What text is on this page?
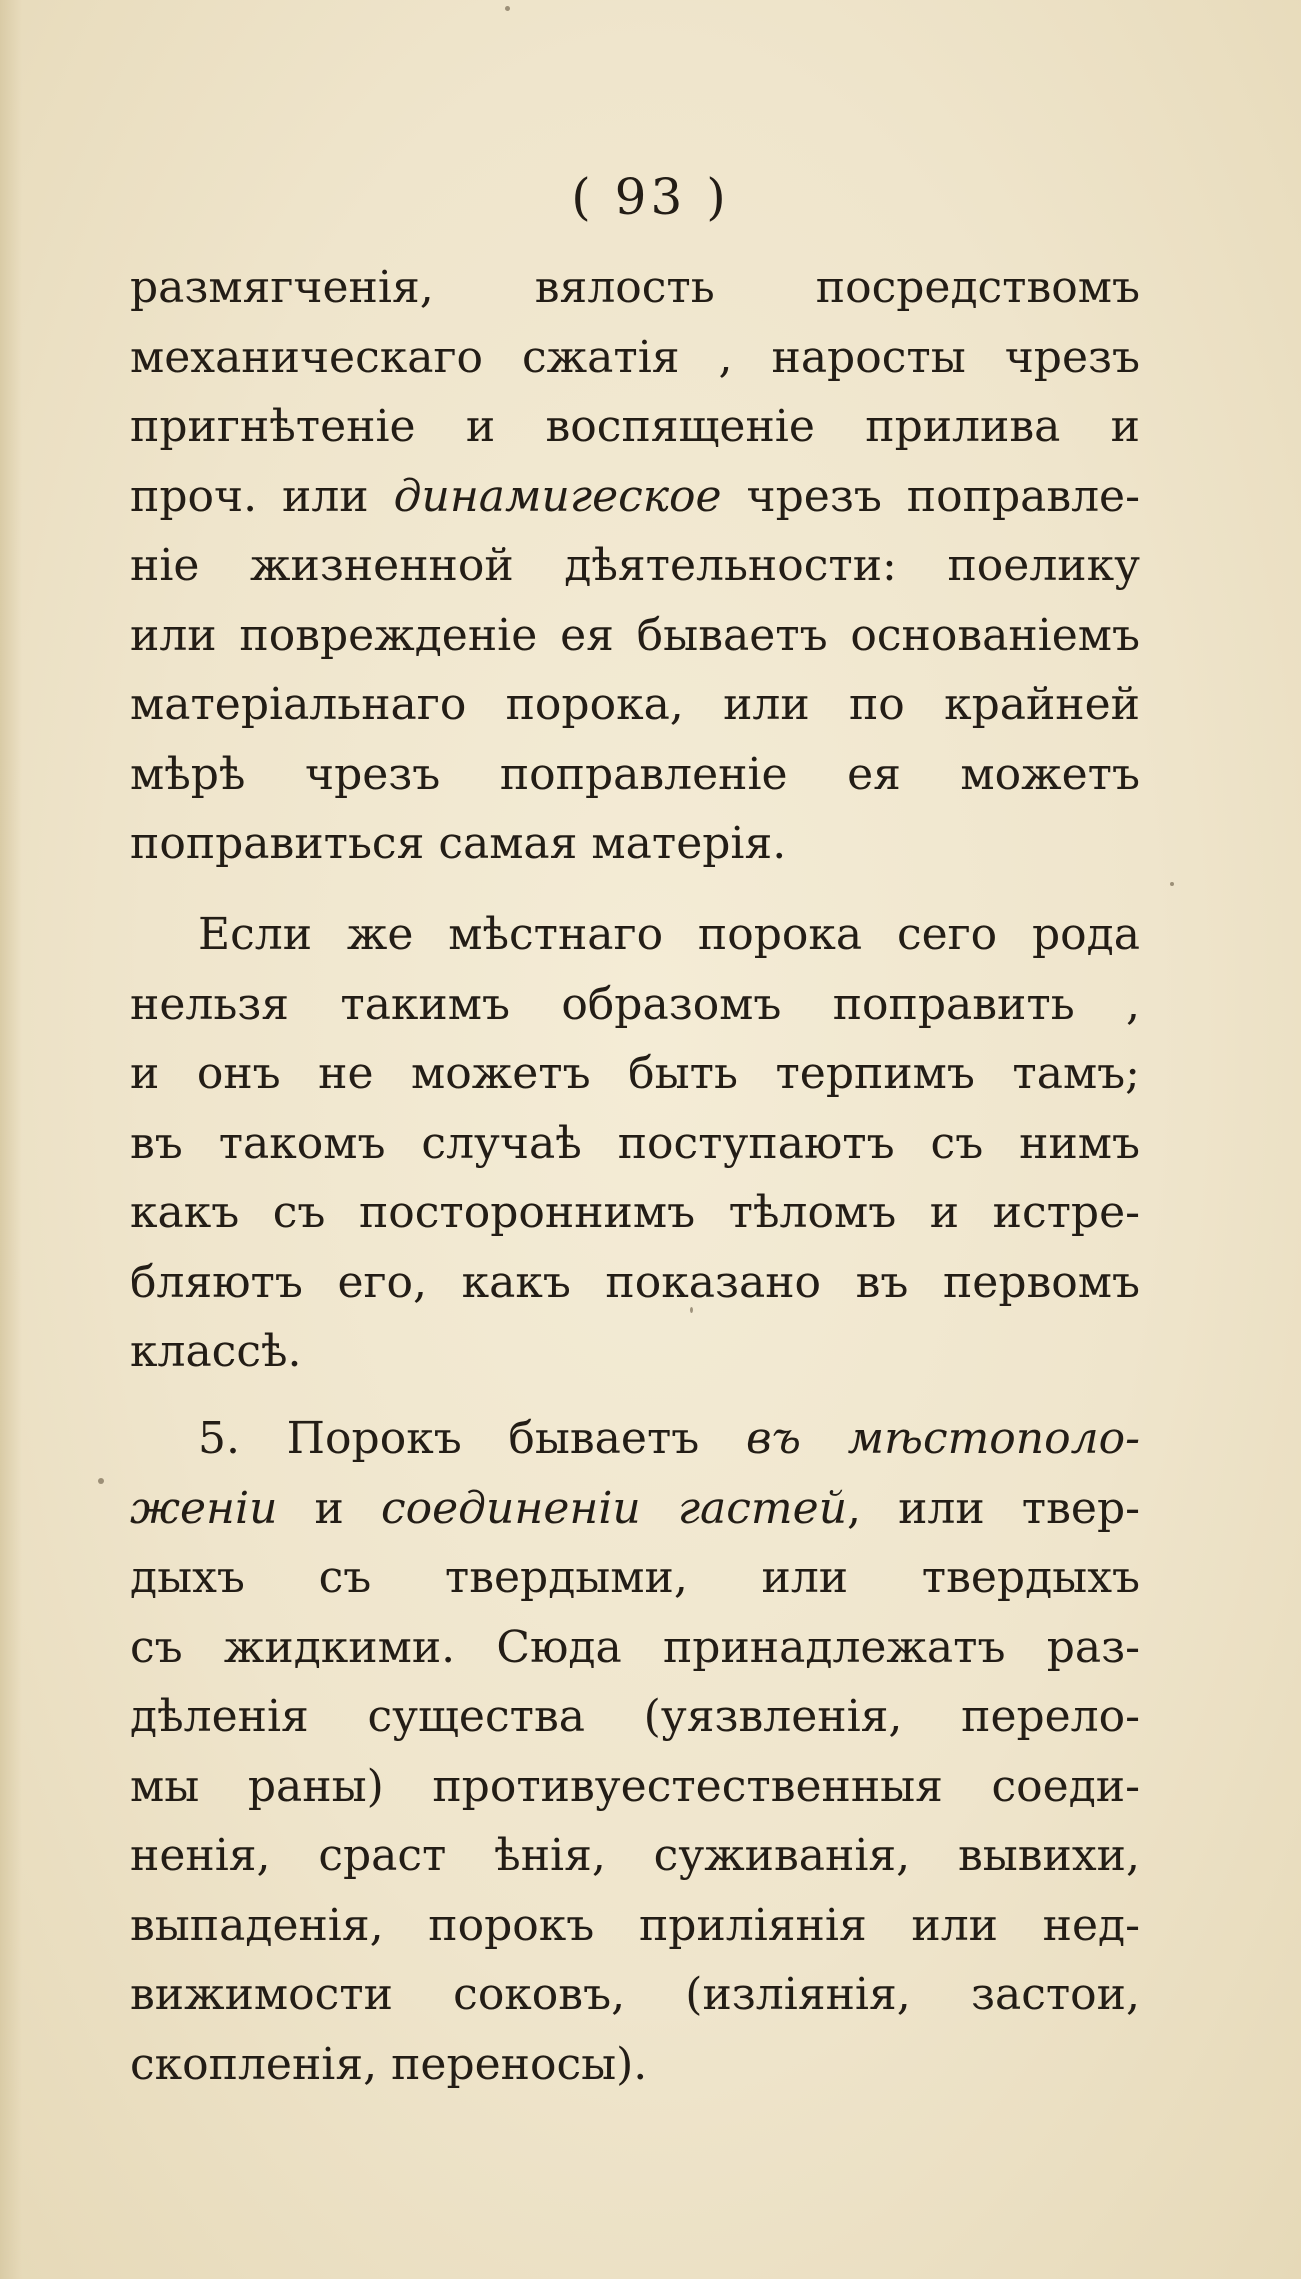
( 93 )
размягченія, вялость посредствомъ
механическаго сжатія , наросты чрезъ
пригнѣтеніе и воспященіе прилива и
проч. или динамигеское чрезъ поправле-
ніе жизненной дѣятельности: поелику
или поврежденіе ея бываетъ основаніемъ
матеріальнаго порока, или по крайней
мѣрѣ чрезъ поправленіе ея можетъ
поправиться самая матерія.
Если же мѣстнаго порока сего рода
нельзя такимъ образомъ поправить ,
и онъ не можетъ быть терпимъ тамъ;
въ такомъ случаѣ поступаютъ съ нимъ
какъ съ постороннимъ тѣломъ и истре-
бляютъ его, какъ показано въ первомъ
классѣ.
5. Порокъ бываетъ въ мѣстополо-
женіи и соединеніи гастей, или твер-
дыхъ съ твердыми, или твердыхъ
съ жидкими. Сюда принадлежатъ раз-
дѣленія существа (уязвленія, перело-
мы раны) противуестественныя соеди-
ненія, сраст ѣнія, суживанія, вывихи,
выпаденія, порокъ приліянія или нед-
вижимости соковъ, (изліянія, застои,
скопленія, переносы).
